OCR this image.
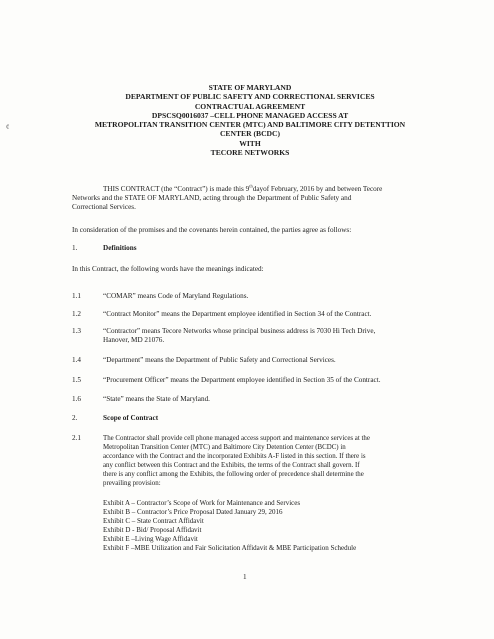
STATE OF MARYLAND
DEPARTMENT OF PUBLIC SAFETY AND CORRECTIONAL SERVICES
CONTRACTUAL AGREEMENT
DPSCSQ0016037 –CELL PHONE MANAGED ACCESS AT
METROPOLITAN TRANSITION CENTER (MTC) AND BALTIMORE CITY DETENTTION
CENTER (BCDC)
WITH
TECORE NETWORKS
¢
THIS CONTRACT (the “Contract”) is made this 9thdayof February, 2016 by and between Tecore
Networks and the STATE OF MARYLAND, acting through the Department of Public Safety and
Correctional Services.
In consideration of the promises and the covenants herein contained, the parties agree as follows:
1.	Definitions
In this Contract, the following words have the meanings indicated:
1.1	“COMAR” means Code of Maryland Regulations.
1.2	“Contract Monitor” means the Department employee identified in Section 34 of the Contract.
1.3	“Contractor” means Tecore Networks whose principal business address is 7030 Hi Tech Drive,
Hanover, MD 21076.
1.4	“Department” means the Department of Public Safety and Correctional Services.
1.5	“Procurement Officer” means the Department employee identified in Section 35 of the Contract.
1.6	“State” means the State of Maryland.
2.	Scope of Contract
2.1	The Contractor shall provide cell phone managed access support and maintenance services at the
Metropolitan Transition Center (MTC) and Baltimore City Detention Center (BCDC) in
accordance with the Contract and the incorporated Exhibits A-F listed in this section. If there is
any conflict between this Contract and the Exhibits, the terms of the Contract shall govern. If
there is any conflict among the Exhibits, the following order of precedence shall determine the
prevailing provision:
Exhibit A – Contractor’s Scope of Work for Maintenance and Services
Exhibit B – Contractor’s Price Proposal Dated January 29, 2016
Exhibit C – State Contract Affidavit
Exhibit D - Bid/ Proposal Affidavit
Exhibit E –Living Wage Affidavit
Exhibit F –MBE Utilization and Fair Solicitation Affidavit & MBE Participation Schedule
1
